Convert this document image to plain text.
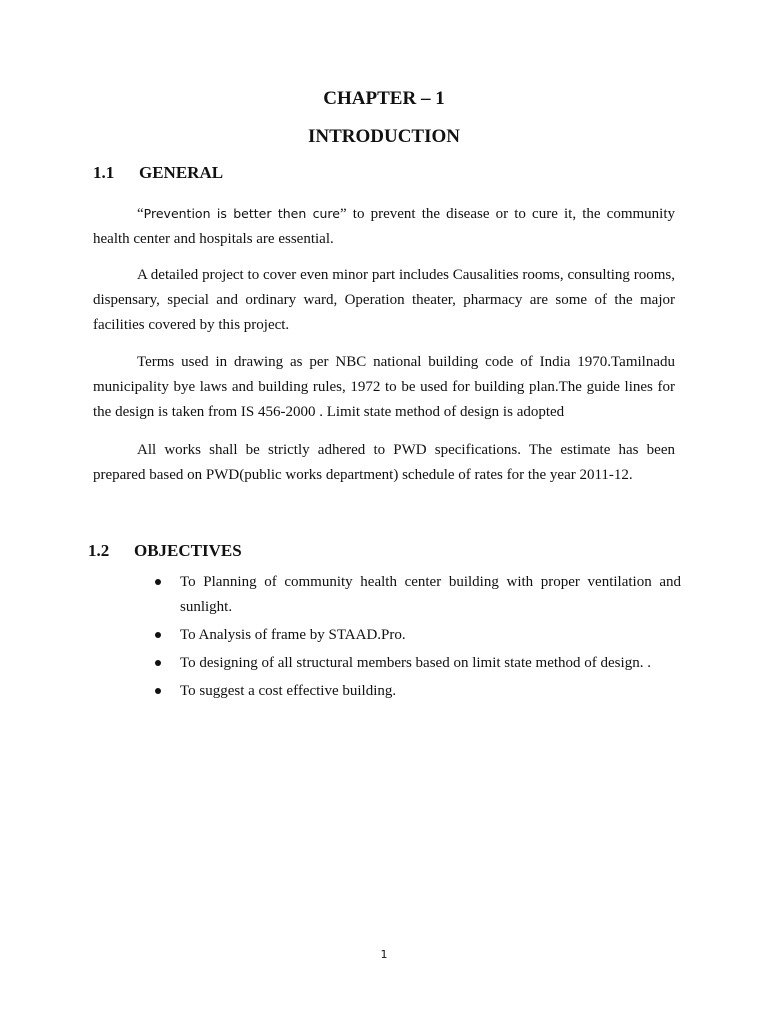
CHAPTER – 1
INTRODUCTION
1.1 GENERAL

“Prevention is better then cure” to prevent the disease or to cure it, the community health center and hospitals are essential.

A detailed project to cover even minor part includes Causalities rooms, consulting rooms, dispensary, special and ordinary ward, Operation theater, pharmacy are some of the major facilities covered by this project.

Terms used in drawing as per NBC national building code of India 1970.Tamilnadu municipality bye laws and building rules, 1972 to be used for building plan.The guide lines for the design is taken from IS 456-2000 . Limit state method of design is adopted

All works shall be strictly adhered to PWD specifications. The estimate has been prepared based on PWD(public works department) schedule of rates for the year 2011-12.

1.2 OBJECTIVES
To Planning of community health center building with proper ventilation and sunlight.
To Analysis of frame by STAAD.Pro.
To designing of all structural members based on limit state method of design. .
To suggest a cost effective building.
1
